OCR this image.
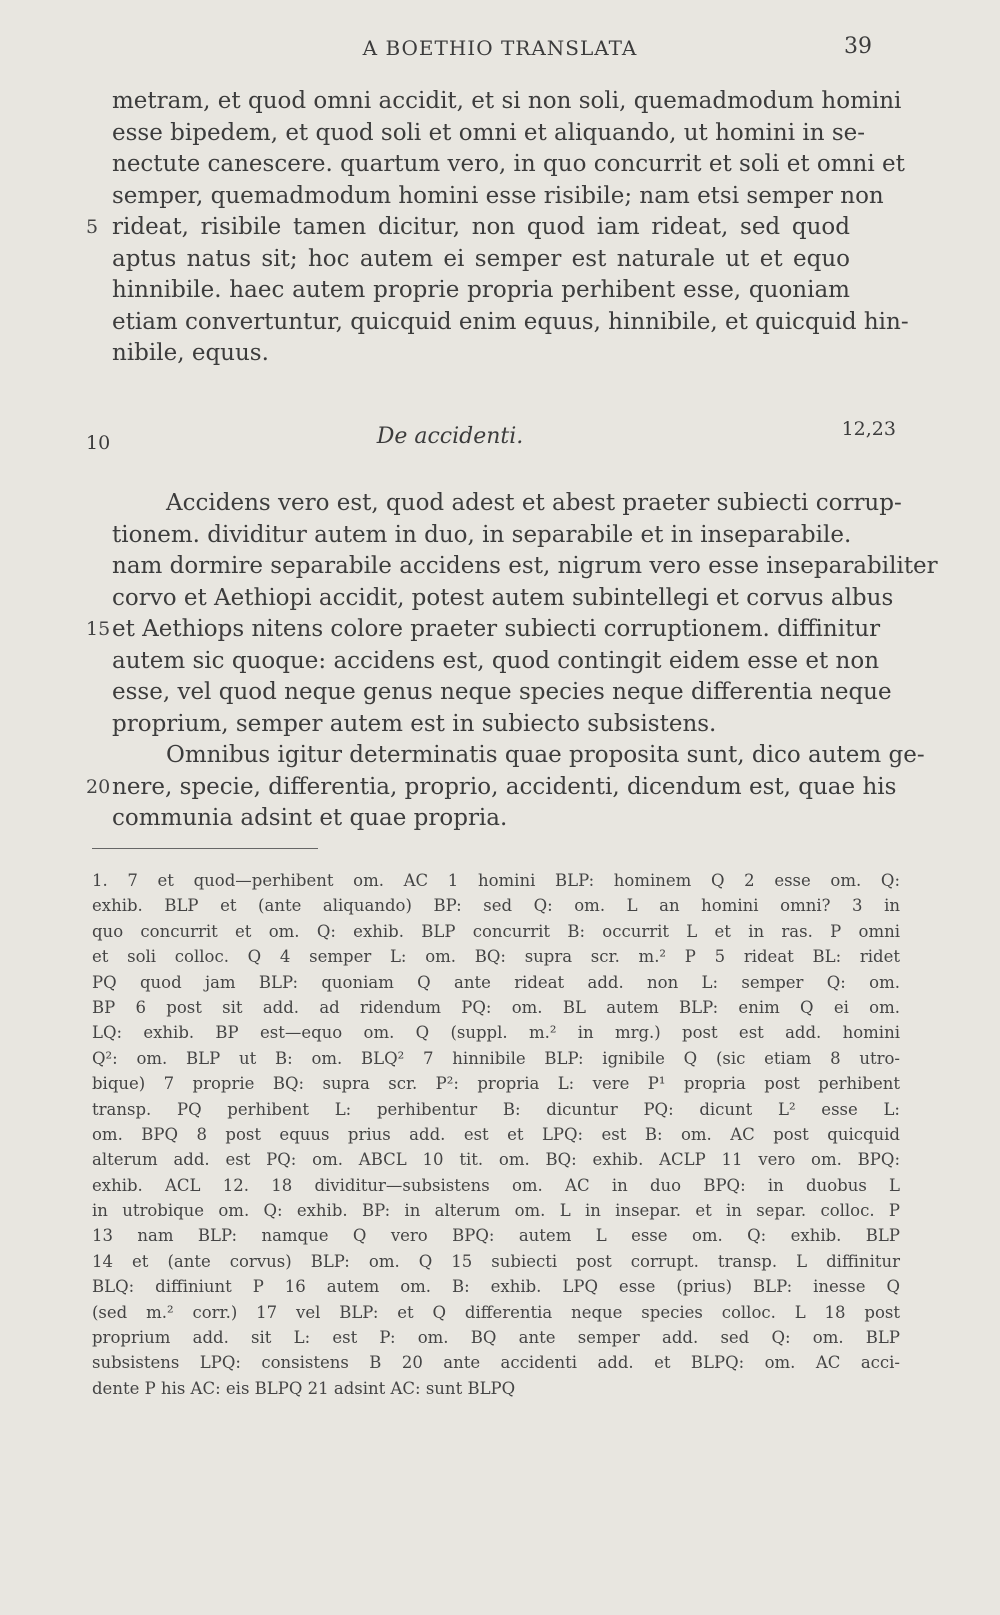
A BOETHIO TRANSLATA	39
metram, et quod omni accidit, et si non soli, quemadmodum homini
esse bipedem, et quod soli et omni et aliquando, ut homini in se-
nectute canescere. quartum vero, in quo concurrit et soli et omni et
semper, quemadmodum homini esse risibile; nam etsi semper non
rideat, risibile tamen dicitur, non quod iam rideat, sed quod
5
aptus natus sit; hoc autem ei semper est naturale ut et equo
hinnibile. haec autem proprie propria perhibent esse, quoniam
etiam convertuntur, quicquid enim equus, hinnibile, et quicquid hin-
nibile, equus.
10	De accidenti.	12,23
Accidens vero est, quod adest et abest praeter subiecti corrup-
tionem. dividitur autem in duo, in separabile et in inseparabile.
nam dormire separabile accidens est, nigrum vero esse inseparabiliter
corvo et Aethiopi accidit, potest autem subintellegi et corvus albus
et Aethiops nitens colore praeter subiecti corruptionem. diffinitur
15
autem sic quoque: accidens est, quod contingit eidem esse et non
esse, vel quod neque genus neque species neque differentia neque
proprium, semper autem est in subiecto subsistens.
Omnibus igitur determinatis quae proposita sunt, dico autem ge-
nere, specie, differentia, proprio, accidenti, dicendum est, quae his
20
communia adsint et quae propria.
1. 7 et quod—perhibent om. AC 1 homini BLP: hominem Q 2 esse om. Q:
exhib. BLP et (ante aliquando) BP: sed Q: om. L an homini omni? 3 in
quo concurrit et om. Q: exhib. BLP concurrit B: occurrit L et in ras. P omni
et soli colloc. Q 4 semper L: om. BQ: supra scr. m.² P 5 rideat BL: ridet
PQ quod jam BLP: quoniam Q ante rideat add. non L: semper Q: om.
BP 6 post sit add. ad ridendum PQ: om. BL autem BLP: enim Q ei om.
LQ: exhib. BP est—equo om. Q (suppl. m.² in mrg.) post est add. homini
Q²: om. BLP ut B: om. BLQ² 7 hinnibile BLP: ignibile Q (sic etiam 8 utro-
bique) 7 proprie BQ: supra scr. P²: propria L: vere P¹ propria post perhibent
transp. PQ perhibent L: perhibentur B: dicuntur PQ: dicunt L² esse L:
om. BPQ 8 post equus prius add. est et LPQ: est B: om. AC post quicquid
alterum add. est PQ: om. ABCL 10 tit. om. BQ: exhib. ACLP 11 vero om. BPQ:
exhib. ACL 12. 18 dividitur—subsistens om. AC in duo BPQ: in duobus L
in utrobique om. Q: exhib. BP: in alterum om. L in insepar. et in separ. colloc. P
13 nam BLP: namque Q vero BPQ: autem L esse om. Q: exhib. BLP
14 et (ante corvus) BLP: om. Q 15 subiecti post corrupt. transp. L diffinitur
BLQ: diffiniunt P 16 autem om. B: exhib. LPQ esse (prius) BLP: inesse Q
(sed m.² corr.) 17 vel BLP: et Q differentia neque species colloc. L 18 post
proprium add. sit L: est P: om. BQ ante semper add. sed Q: om. BLP
subsistens LPQ: consistens B 20 ante accidenti add. et BLPQ: om. AC acci-
dente P his AC: eis BLPQ 21 adsint AC: sunt BLPQ
